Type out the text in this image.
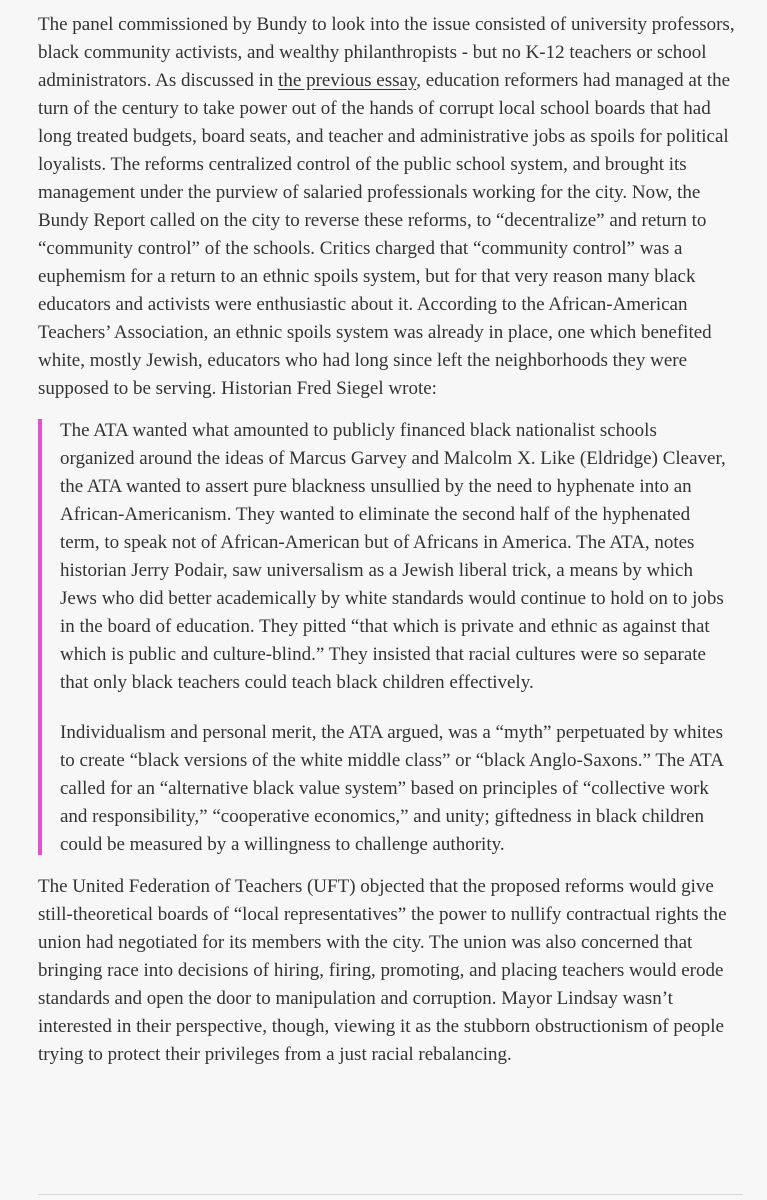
The panel commissioned by Bundy to look into the issue consisted of university professors, black community activists, and wealthy philanthropists - but no K-12 teachers or school administrators. As discussed in the previous essay, education reformers had managed at the turn of the century to take power out of the hands of corrupt local school boards that had long treated budgets, board seats, and teacher and administrative jobs as spoils for political loyalists. The reforms centralized control of the public school system, and brought its management under the purview of salaried professionals working for the city. Now, the Bundy Report called on the city to reverse these reforms, to “decentralize” and return to “community control” of the schools. Critics charged that “community control” was a euphemism for a return to an ethnic spoils system, but for that very reason many black educators and activists were enthusiastic about it. According to the African-American Teachers’ Association, an ethnic spoils system was already in place, one which benefited white, mostly Jewish, educators who had long since left the neighborhoods they were supposed to be serving. Historian Fred Siegel wrote:

The ATA wanted what amounted to publicly financed black nationalist schools organized around the ideas of Marcus Garvey and Malcolm X. Like (Eldridge) Cleaver, the ATA wanted to assert pure blackness unsullied by the need to hyphenate into an African-Americanism. They wanted to eliminate the second half of the hyphenated term, to speak not of African-American but of Africans in America. The ATA, notes historian Jerry Podair, saw universalism as a Jewish liberal trick, a means by which Jews who did better academically by white standards would continue to hold on to jobs in the board of education. They pitted “that which is private and ethnic as against that which is public and culture-blind.” They insisted that racial cultures were so separate that only black teachers could teach black children effectively.

Individualism and personal merit, the ATA argued, was a “myth” perpetuated by whites to create “black versions of the white middle class” or “black Anglo-Saxons.” The ATA called for an “alternative black value system” based on principles of “collective work and responsibility,” “cooperative economics,” and unity; giftedness in black children could be measured by a willingness to challenge authority.

The United Federation of Teachers (UFT) objected that the proposed reforms would give still-theoretical boards of “local representatives” the power to nullify contractual rights the union had negotiated for its members with the city. The union was also concerned that bringing race into decisions of hiring, firing, promoting, and placing teachers would erode standards and open the door to manipulation and corruption. Mayor Lindsay wasn’t interested in their perspective, though, viewing it as the stubborn obstructionism of people trying to protect their privileges from a just racial rebalancing.
